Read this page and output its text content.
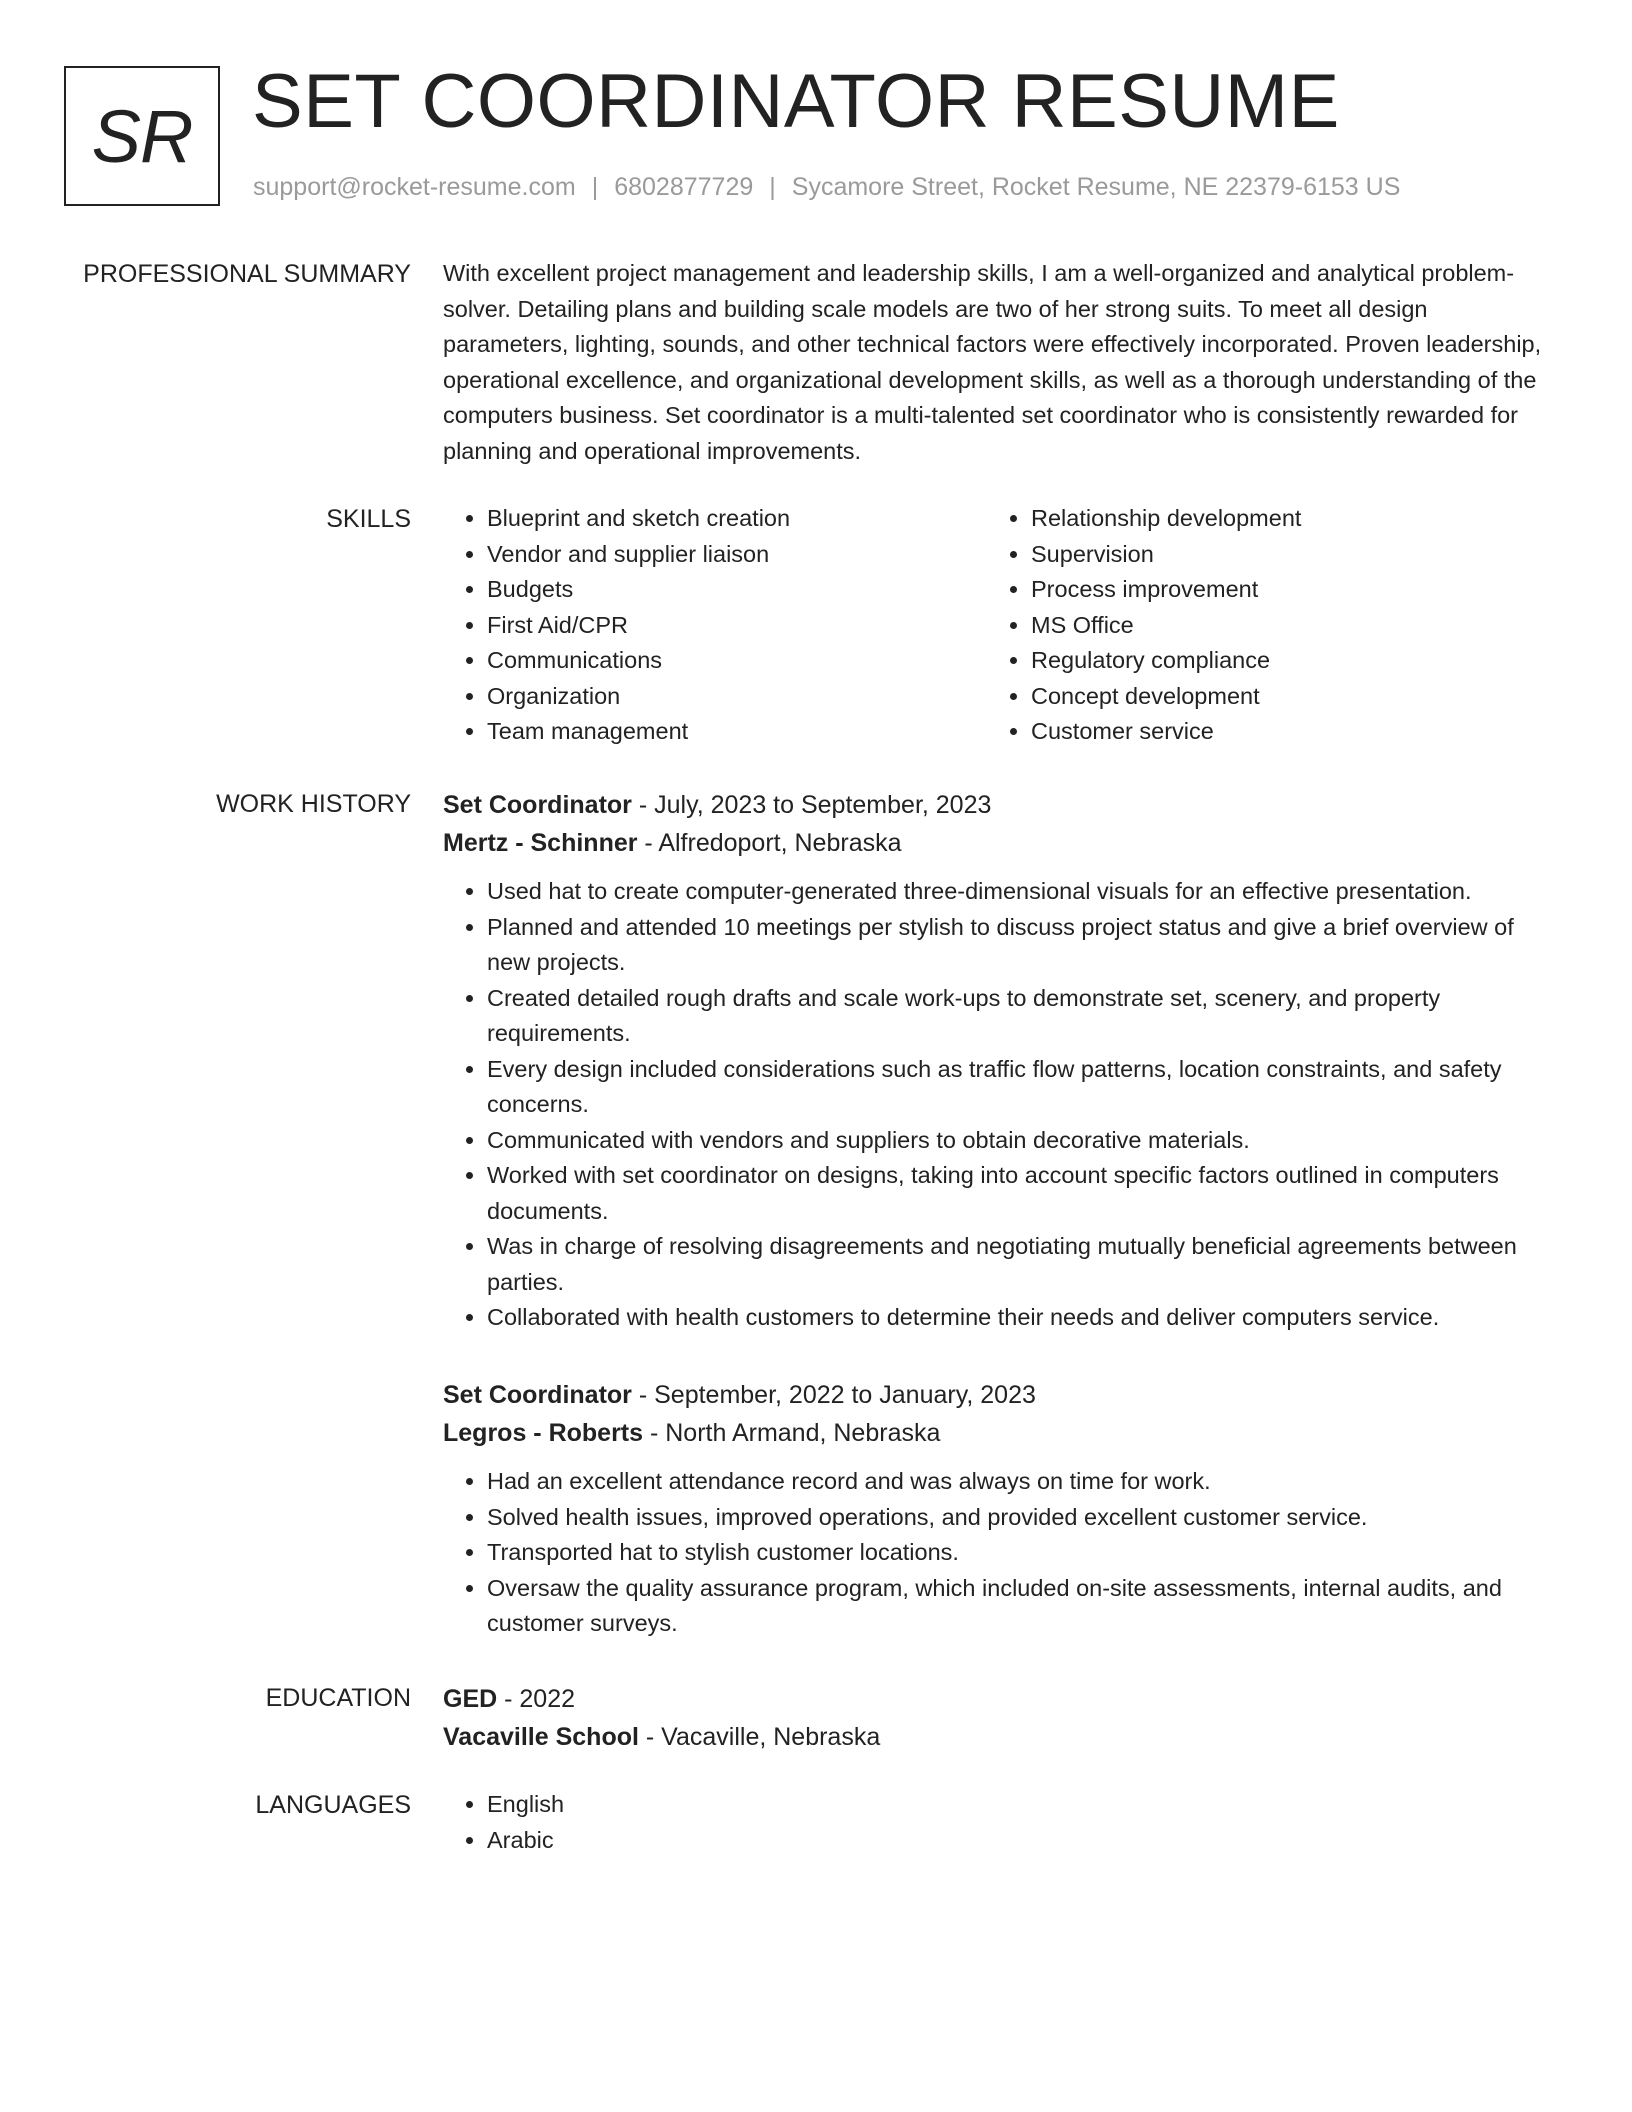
SR SET COORDINATOR RESUME
support@rocket-resume.com | 6802877729 | Sycamore Street, Rocket Resume, NE 22379-6153 US
PROFESSIONAL SUMMARY With excellent project management and leadership skills, I am a well-organized and analytical problem-solver. Detailing plans and building scale models are two of her strong suits. To meet all design parameters, lighting, sounds, and other technical factors were effectively incorporated. Proven leadership, operational excellence, and organizational development skills, as well as a thorough understanding of the computers business. Set coordinator is a multi-talented set coordinator who is consistently rewarded for planning and operational improvements.

SKILLS	• Blueprint and sketch creation
• Vendor and supplier liaison
• Budgets
• First Aid/CPR
• Communications
• Organization
• Team management
• Relationship development
• Supervision
• Process improvement
• MS Office
• Regulatory compliance
• Concept development
• Customer service
WORK HISTORY Set Coordinator - July, 2023 to September, 2023
Mertz - Schinner - Alfredoport, Nebraska
• Used hat to create computer-generated three-dimensional visuals for an effective presentation.
• Planned and attended 10 meetings per stylish to discuss project status and give a brief overview of new projects.
• Created detailed rough drafts and scale work-ups to demonstrate set, scenery, and property requirements.
• Every design included considerations such as traffic flow patterns, location constraints, and safety concerns.
• Communicated with vendors and suppliers to obtain decorative materials.
• Worked with set coordinator on designs, taking into account specific factors outlined in computers documents.
• Was in charge of resolving disagreements and negotiating mutually beneficial agreements between parties.
• Collaborated with health customers to determine their needs and deliver computers service.
Set Coordinator - September, 2022 to January, 2023
Legros - Roberts - North Armand, Nebraska
• Had an excellent attendance record and was always on time for work.
• Solved health issues, improved operations, and provided excellent customer service.
• Transported hat to stylish customer locations.
• Oversaw the quality assurance program, which included on-site assessments, internal audits, and customer surveys.
EDUCATION GED - 2022
Vacaville School - Vacaville, Nebraska
LANGUAGES	• English
• Arabic
